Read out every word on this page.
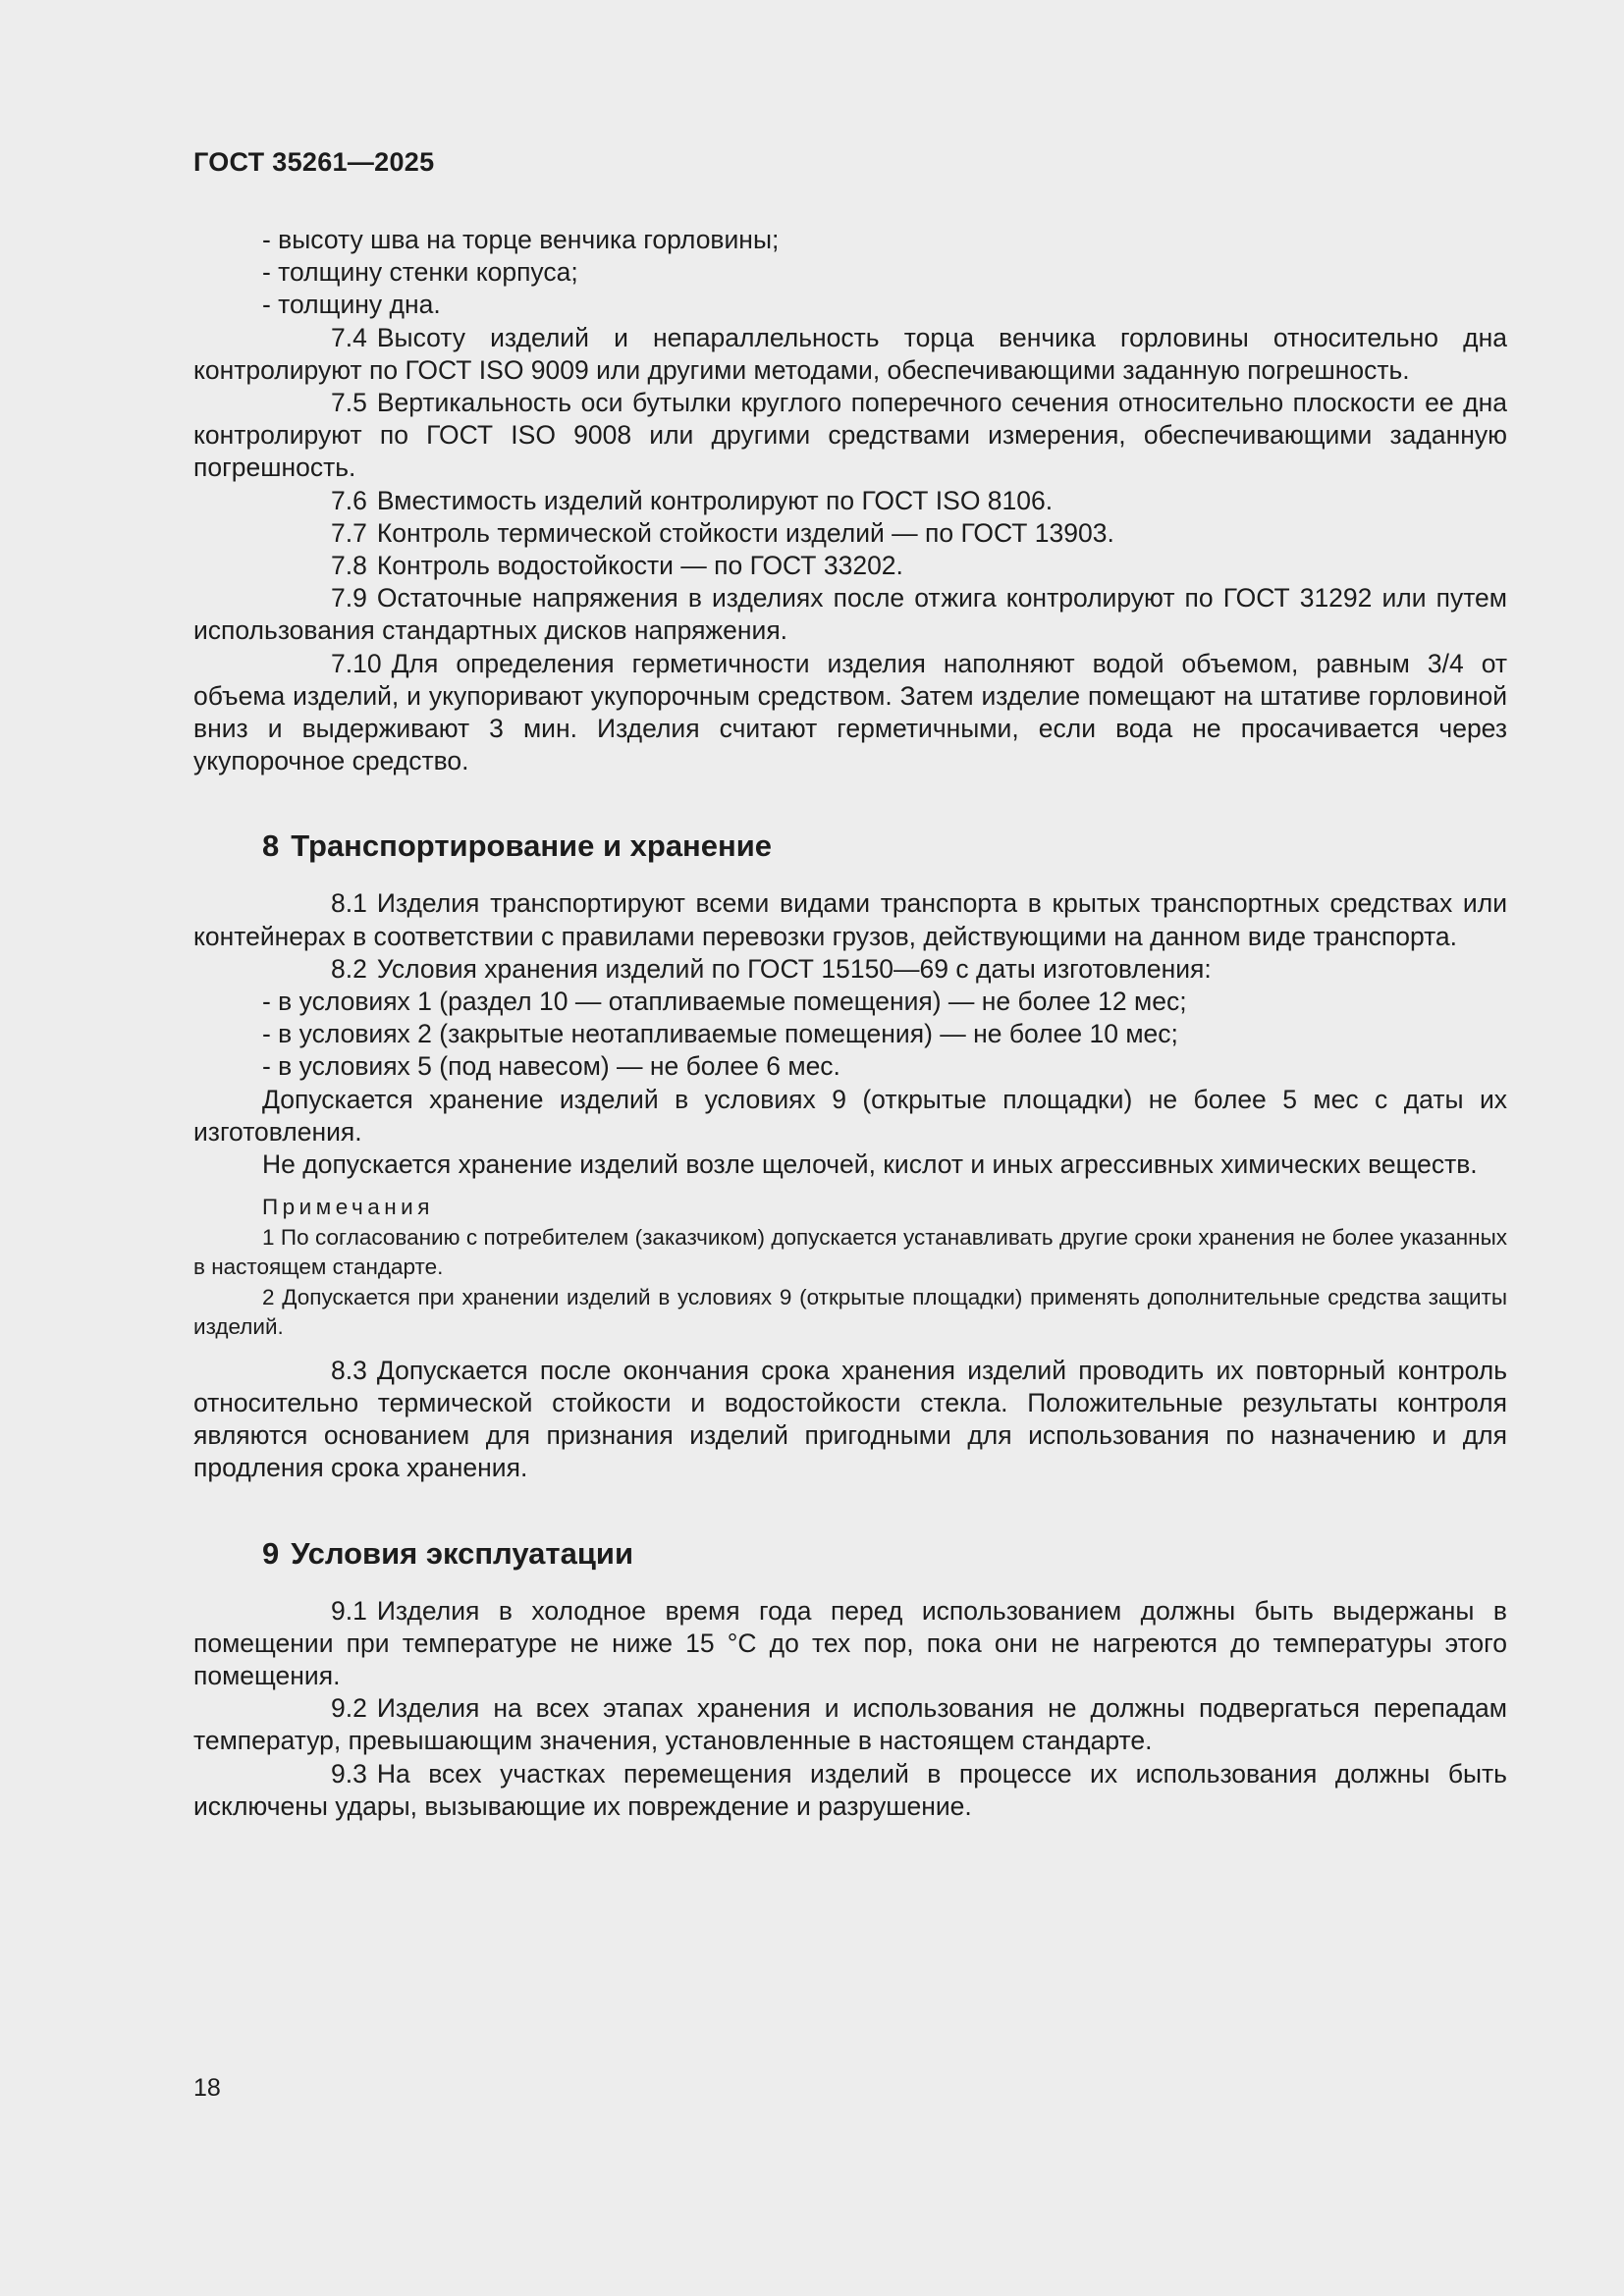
ГОСТ 35261—2025

- высоту шва на торце венчика горловины;

- толщину стенки корпуса;

- толщину дна.

7.4 Высоту изделий и непараллельность торца венчика горловины относительно дна контролируют по ГОСТ ISO 9009 или другими методами, обеспечивающими заданную погрешность.

7.5 Вертикальность оси бутылки круглого поперечного сечения относительно плоскости ее дна контролируют по ГОСТ ISO 9008 или другими средствами измерения, обеспечивающими заданную погрешность.

7.6 Вместимость изделий контролируют по ГОСТ ISO 8106.

7.7 Контроль термической стойкости изделий — по ГОСТ 13903.

7.8 Контроль водостойкости — по ГОСТ 33202.

7.9 Остаточные напряжения в изделиях после отжига контролируют по ГОСТ 31292 или путем использования стандартных дисков напряжения.

7.10 Для определения герметичности изделия наполняют водой объемом, равным 3/4 от объема изделий, и укупоривают укупорочным средством. Затем изделие помещают на штативе горловиной вниз и выдерживают 3 мин. Изделия считают герметичными, если вода не просачивается через укупорочное средство.

8 Транспортирование и хранение

8.1 Изделия транспортируют всеми видами транспорта в крытых транспортных средствах или контейнерах в соответствии с правилами перевозки грузов, действующими на данном виде транспорта.

8.2 Условия хранения изделий по ГОСТ 15150—69 с даты изготовления:

- в условиях 1 (раздел 10 — отапливаемые помещения) — не более 12 мес;

- в условиях 2 (закрытые неотапливаемые помещения) — не более 10 мес;

- в условиях 5 (под навесом) — не более 6 мес.

Допускается хранение изделий в условиях 9 (открытые площадки) не более 5 мес с даты их изготовления.

Не допускается хранение изделий возле щелочей, кислот и иных агрессивных химических веществ.

Примечания

1 По согласованию с потребителем (заказчиком) допускается устанавливать другие сроки хранения не более указанных в настоящем стандарте.

2 Допускается при хранении изделий в условиях 9 (открытые площадки) применять дополнительные средства защиты изделий.

8.3 Допускается после окончания срока хранения изделий проводить их повторный контроль относительно термической стойкости и водостойкости стекла. Положительные результаты контроля являются основанием для признания изделий пригодными для использования по назначению и для продления срока хранения.

9 Условия эксплуатации

9.1 Изделия в холодное время года перед использованием должны быть выдержаны в помещении при температуре не ниже 15 °С до тех пор, пока они не нагреются до температуры этого помещения.

9.2 Изделия на всех этапах хранения и использования не должны подвергаться перепадам температур, превышающим значения, установленные в настоящем стандарте.

9.3 На всех участках перемещения изделий в процессе их использования должны быть исключены удары, вызывающие их повреждение и разрушение.

18
